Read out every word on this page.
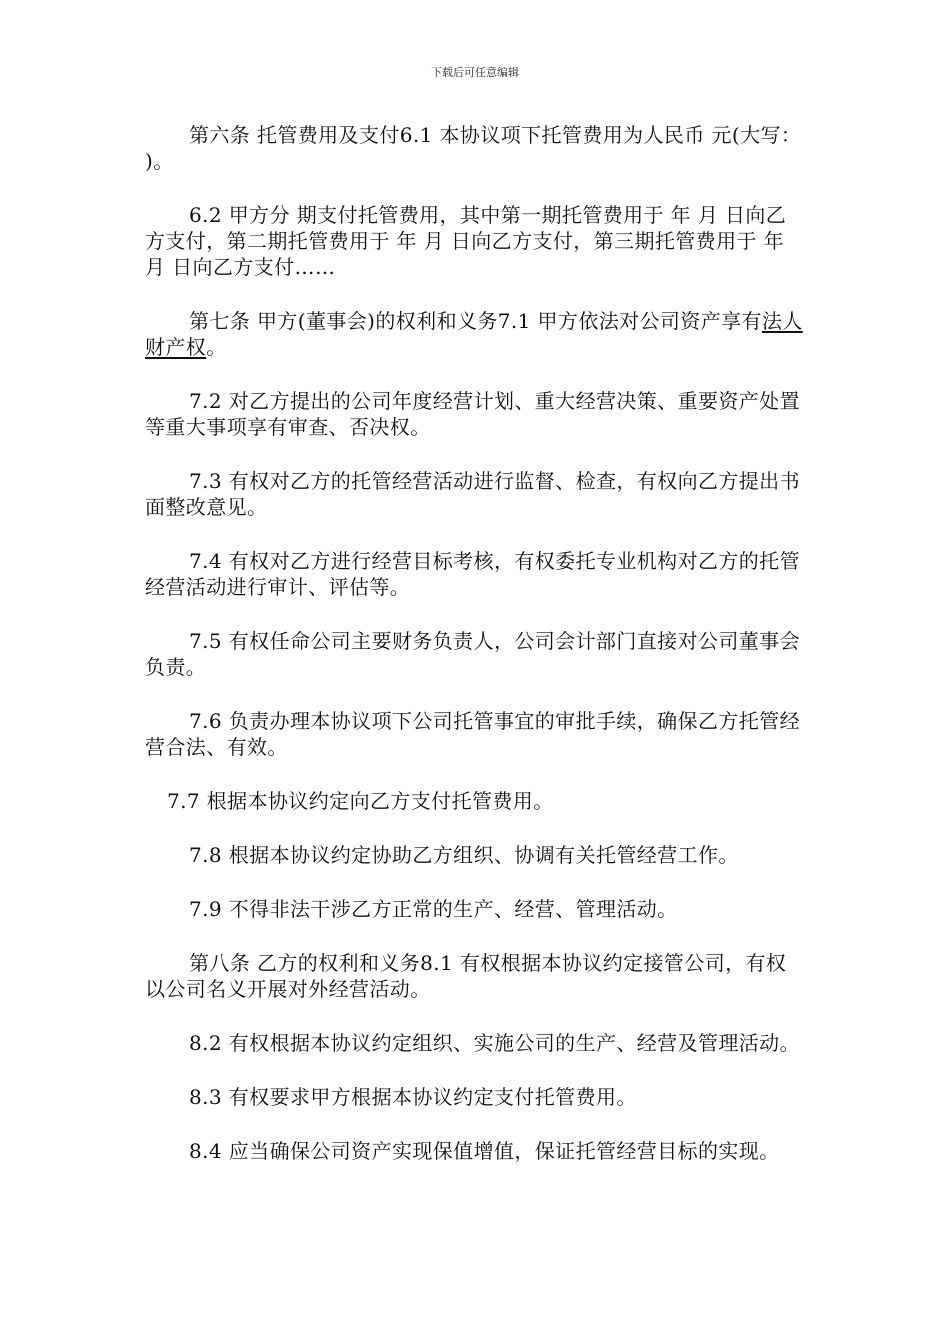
下载后可任意编辑

第六条 托管费用及支付6.1 本协议项下托管费用为人民币 元(大写： )。

6.2 甲方分 期支付托管费用，其中第一期托管费用于 年 月 日向乙方支付，第二期托管费用于 年 月 日向乙方支付，第三期托管费用于 年 月 日向乙方支付……

第七条 甲方(董事会)的权利和义务7.1 甲方依法对公司资产享有法人财产权。

7.2 对乙方提出的公司年度经营计划、重大经营决策、重要资产处置等重大事项享有审查、否决权。

7.3 有权对乙方的托管经营活动进行监督、检查，有权向乙方提出书面整改意见。

7.4 有权对乙方进行经营目标考核，有权委托专业机构对乙方的托管经营活动进行审计、评估等。

7.5 有权任命公司主要财务负责人，公司会计部门直接对公司董事会负责。

7.6 负责办理本协议项下公司托管事宜的审批手续，确保乙方托管经营合法、有效。

7.7 根据本协议约定向乙方支付托管费用。

7.8 根据本协议约定协助乙方组织、协调有关托管经营工作。

7.9 不得非法干涉乙方正常的生产、经营、管理活动。

第八条 乙方的权利和义务8.1 有权根据本协议约定接管公司，有权以公司名义开展对外经营活动。

8.2 有权根据本协议约定组织、实施公司的生产、经营及管理活动。

8.3 有权要求甲方根据本协议约定支付托管费用。

8.4 应当确保公司资产实现保值增值，保证托管经营目标的实现。
